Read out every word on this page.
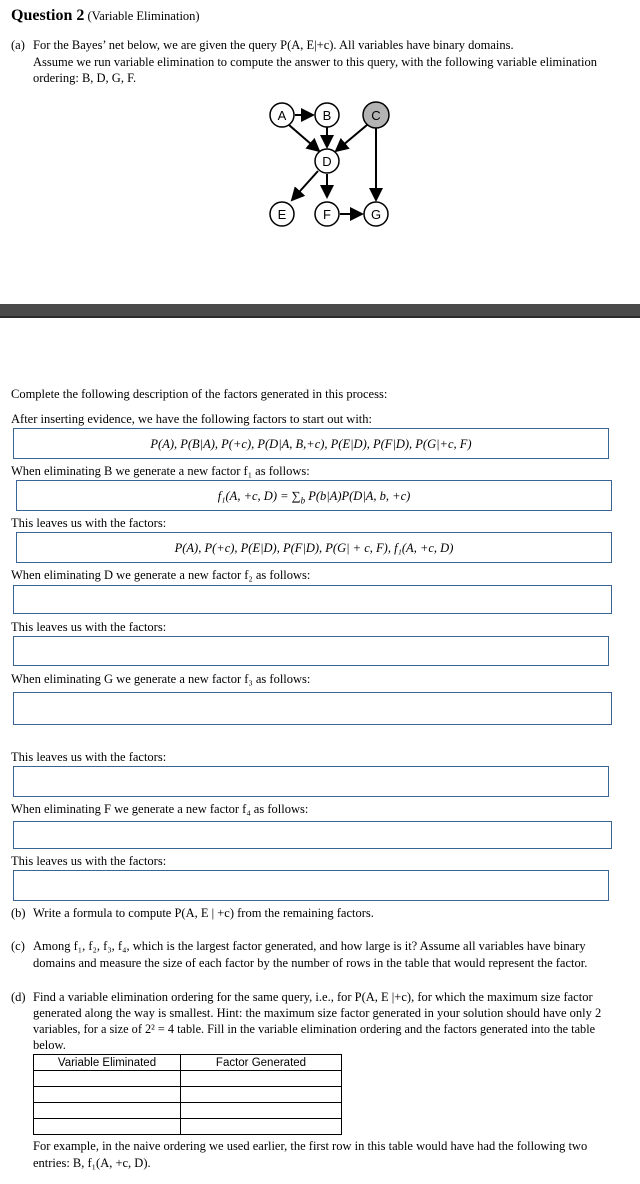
Question 2 (Variable Elimination)
(a) For the Bayes’ net below, we are given the query P(A, E|+c). All variables have binary domains.
Assume we run variable elimination to compute the answer to this query, with the following variable elimination
ordering: B, D, G, F.
A	B	C
D
E	F	G
Complete the following description of the factors generated in this process:
After inserting evidence, we have the following factors to start out with:
P(A), P(B|A), P(+c), P(D|A, B,+c), P(E|D), P(F|D), P(G|+c, F)
When eliminating B we generate a new factor f₁ as follows:
f₁(A, +c, $D) = \sum_b$ P(b|A)P(D|A, b, +c)
This leaves us with the factors:
P(A), P(+c), P(E|D), P(F|D), P(G| + c, F), f₁(A, +c, D)
When eliminating D we generate a new factor f₂ as follows:
This leaves us with the factors:
When eliminating G we generate a new factor f₃ as follows:
This leaves us with the factors:
When eliminating F we generate a new factor f₄ as follows:
This leaves us with the factors:
(b) Write a formula to compute P(A, E | +c) from the remaining factors.
(c) Among f₁, f₂, f₃, f₄, which is the largest factor generated, and how large is it? Assume all variables have binary
domains and measure the size of each factor by the number of rows in the table that would represent the factor.
(d) Find a variable elimination ordering for the same query, i.e., for P(A, E |+c), for which the maximum size factor
generated along the way is smallest. Hint: the maximum size factor generated in your solution should have only 2
variables, for a size of 2² = 4 table. Fill in the variable elimination ordering and the factors generated into the table
below.
Variable Eliminated	Factor Generated

For example, in the naive ordering we used earlier, the first row in this table would have had the following two
entries: B, f₁(A, +c, D).
